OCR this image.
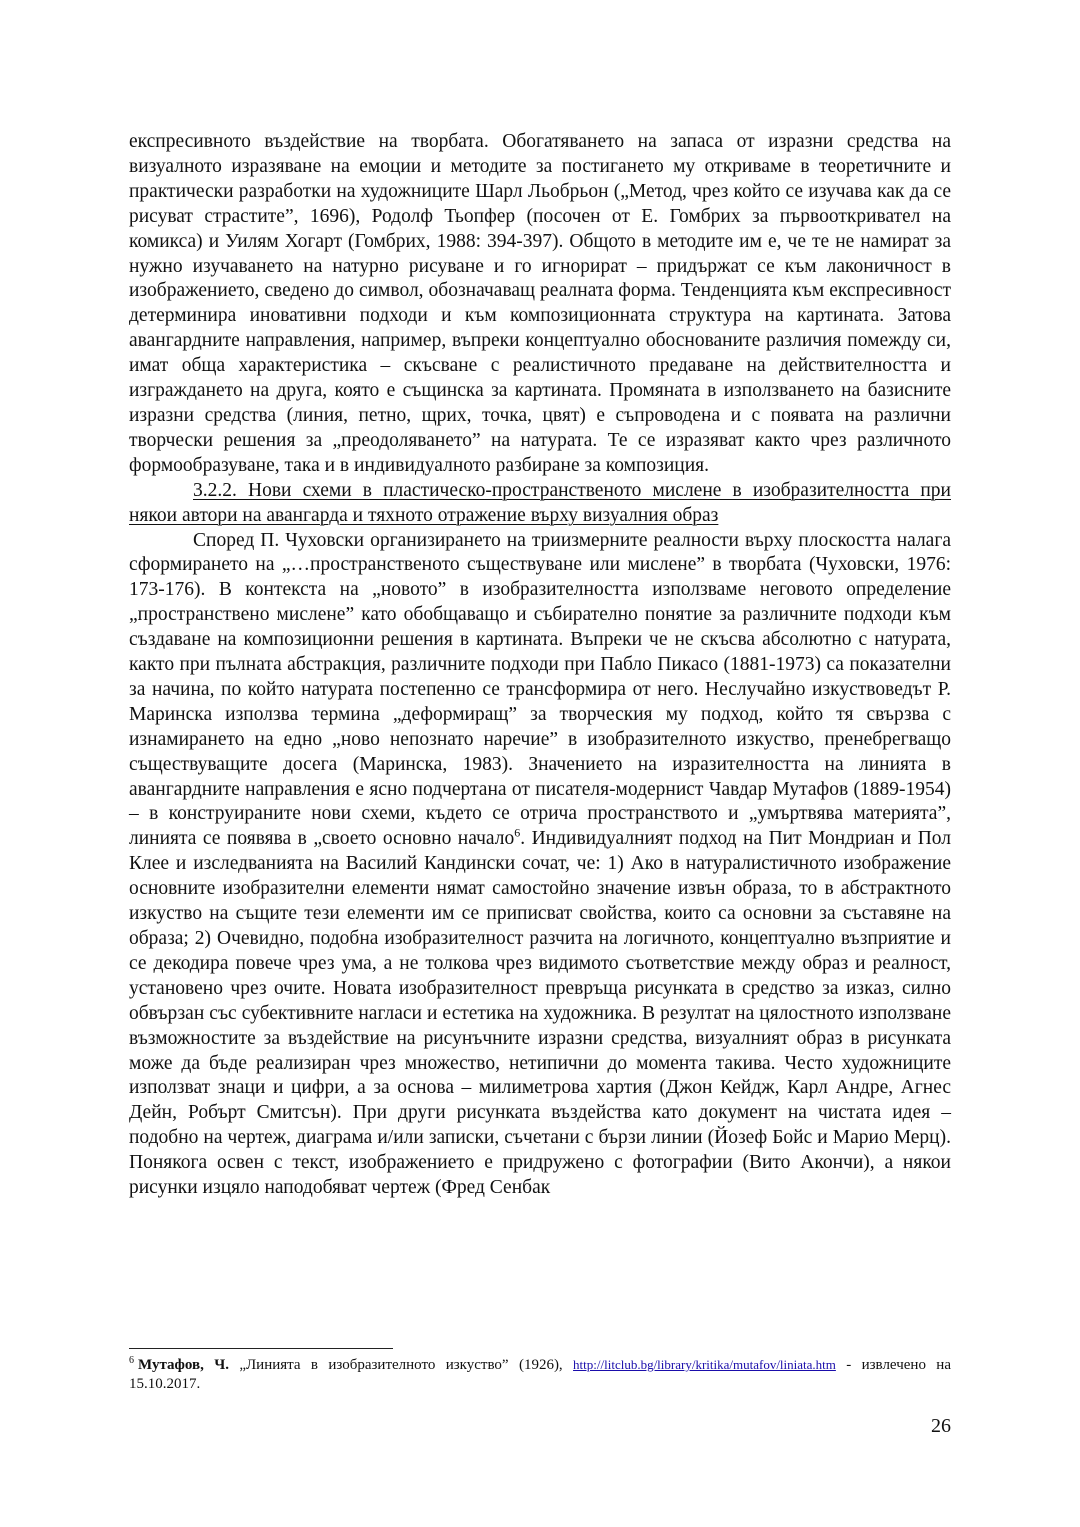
експресивното въздействие на творбата. Обогатяването на запаса от изразни средства на визуалното изразяване на емоции и методите за постигането му откриваме в теоретичните и практически разработки на художниците Шарл Льобрьон („Метод, чрез който се изучава как да се рисуват страстите”, 1696), Родолф Тьопфер (посочен от Е. Гомбрих за първооткривател на комикса) и Уилям Хогарт (Гомбрих, 1988: 394-397). Общото в методите им е, че те не намират за нужно изучаването на натурно рисуване и го игнорират – придържат се към лаконичност в изображението, сведено до символ, обозначаващ реалната форма. Тенденцията към експресивност детерминира иновативни подходи и към композиционната структура на картината. Затова авангардните направления, например, въпреки концептуално обоснованите различия помежду си, имат обща характеристика – скъсване с реалистичното предаване на действителността и изграждането на друга, която е същинска за картината. Промяната в използването на базисните изразни средства (линия, петно, щрих, точка, цвят) е съпроводена и с появата на различни творчески решения за „преодоляването” на натурата. Те се изразяват както чрез различното формообразуване, така и в индивидуалното разбиране за композиция.

3.2.2. Нови схеми в пластическо-пространственото мислене в изобразителността при някои автори на авангарда и тяхното отражение върху визуалния образ

Според П. Чуховски организирането на триизмерните реалности върху плоскостта налага сформирането на „…пространственото съществуване или мислене” в творбата (Чуховски, 1976: 173-176). В контекста на „новото” в изобразителността използваме неговото определение „пространствено мислене” като обобщаващо и събирателно понятие за различните подходи към създаване на композиционни решения в картината. Въпреки че не скъсва абсолютно с натурата, както при пълната абстракция, различните подходи при Пабло Пикасо (1881-1973) са показателни за начина, по който натурата постепенно се трансформира от него. Неслучайно изкуствоведът Р. Маринска използва термина „деформиращ” за творческия му подход, който тя свързва с изнамирането на едно „ново непознато наречие” в изобразителното изкуство, пренебрегващо съществуващите досега (Маринска, 1983). Значението на изразителността на линията в авангардните направления е ясно подчертана от писателя-модернист Чавдар Мутафов (1889-1954) – в конструираните нови схеми, където се отрича пространството и „умъртвява материята”, линията се появява в „своето основно начало$^6$. Индивидуалният подход на Пит Мондриан и Пол Клее и изследванията на Василий Кандински сочат, че: 1) Ако в натуралистичното изображение основните изобразителни елементи нямат самостойно значение извън образа, то в абстрактното изкуство на същите тези елементи им се приписват свойства, които са основни за съставяне на образа; 2) Очевидно, подобна изобразителност разчита на логичното, концептуално възприятие и се декодира повече чрез ума, а не толкова чрез видимото съответствие между образ и реалност, установено чрез очите. Новата изобразителност превръща рисунката в средство за изказ, силно обвързан със субективните нагласи и естетика на художника. В резултат на цялостното използване възможностите за въздействие на рисунъчните изразни средства, визуалният образ в рисунката може да бъде реализиран чрез множество, нетипични до момента такива. Често художниците използват знаци и цифри, а за основа – милиметрова хартия (Джон Кейдж, Карл Андре, Агнес Дейн, Робърт Смитсън). При други рисунката въздейства като документ на чистата идея – подобно на чертеж, диаграма и/или записки, съчетани с бързи линии (Йозеф Бойс и Марио Мерц). Понякога освен с текст, изображението е придружено с фотографии (Вито Акончи), а някои рисунки изцяло наподобяват чертеж (Фред Сенбак

$^6$ Мутафов, Ч. „Линията в изобразителното изкуство” (1926), http://litclub.bg/library/kritika/mutafov/liniata.htm - извлечено на 15.10.2017.
26
